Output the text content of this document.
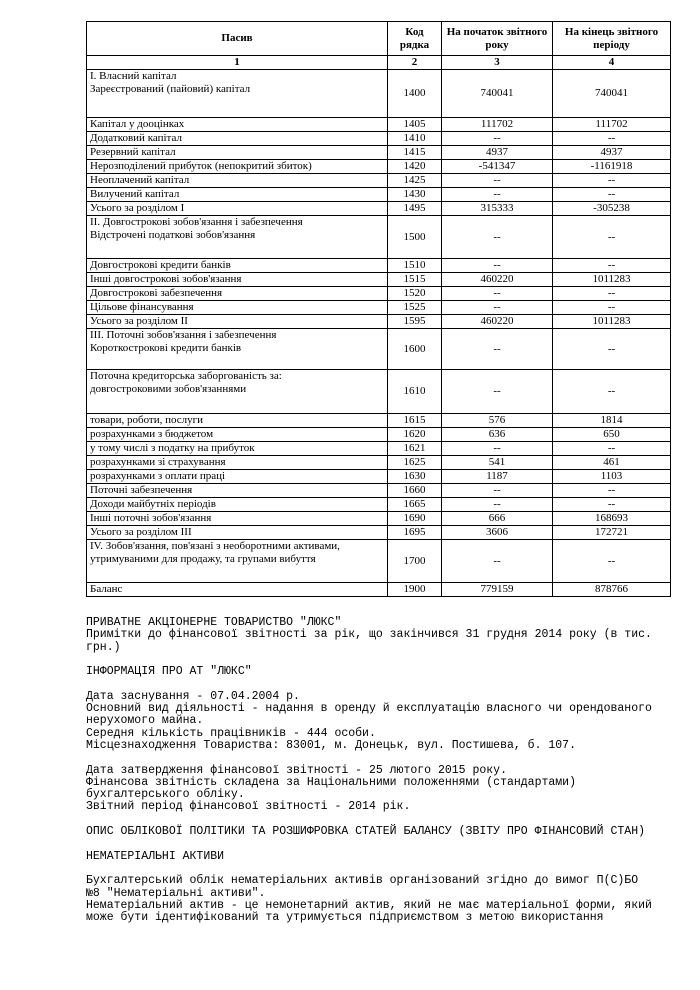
Пасив	Код рядка	На початок звітного року	На кінець звітного періоду
1	2	3	4

I. Власний капітал
Зареєстрований (пайовий) капітал	1400	740041	740041
Капітал у дооцінках	1405	111702	111702
Додатковий капітал	1410	--	--
Резервний капітал	1415	4937	4937
Нерозподілений прибуток (непокритий збиток)	1420	-541347	-1161918
Неоплачений капітал	1425	--	--
Вилучений капітал	1430	--	--
Усього за розділом I	1495	315333	-305238

II. Довгострокові зобов'язання і забезпечення
Відстрочені податкові зобов'язання	1500	--	--
Довгострокові кредити банків	1510	--	--
Інші довгострокові зобов'язання	1515	460220	1011283
Довгострокові забезпечення	1520	--	--
Цільове фінансування	1525	--	--
Усього за розділом II	1595	460220	1011283

III. Поточні зобов'язання і забезпечення
Короткострокові кредити банків	1600	--	--
Поточна кредиторська заборгованість за:
довгостроковими зобов'язаннями	1610	--	--
товари, роботи, послуги	1615	576	1814
розрахунками з бюджетом	1620	636	650
у тому числі з податку на прибуток	1621	--	--
розрахунками зі страхування	1625	541	461
розрахунками з оплати праці	1630	1187	1103
Поточні забезпечення	1660	--	--
Доходи майбутніх періодів	1665	--	--
Інші поточні зобов'язання	1690	666	168693
Усього за розділом III	1695	3606	172721
IV. Зобов'язання, пов'язані з необоротними активами,
утримуваними для продажу, та групами вибуття	1700	--	--
Баланс	1900	779159	878766

ПРИВАТНЕ АКЦІОНЕРНЕ ТОВАРИСТВО "ЛЮКС"

Примітки до фінансової звітності за рік, що закінчився 31 грудня 2014 року (в тис.

грн.)

ІНФОРМАЦІЯ ПРО АТ "ЛЮКС"

Дата заснування - 07.04.2004 р.

Основний вид діяльності - надання в оренду й експлуатацію власного чи орендованого

нерухомого майна.

Середня кількість працівників - 444 особи.

Місцезнаходження Товариства: 83001, м. Донецьк, вул. Постишева, б. 107.

Дата затвердження фінансової звітності - 25 лютого 2015 року.

Фінансова звітність складена за Національними положеннями (стандартами)

бухгалтерського обліку.

Звітний період фінансової звітності - 2014 рік.

ОПИС ОБЛІКОВОЇ ПОЛІТИКИ ТА РОЗШИФРОВКА СТАТЕЙ БАЛАНСУ (ЗВІТУ ПРО ФІНАНСОВИЙ СТАН)

НЕМАТЕРІАЛЬНІ АКТИВИ

Бухгалтерський облік нематеріальних активів організований згідно до вимог П(С)БО

№8 "Нематеріальні активи".

Нематеріальний актив - це немонетарний актив, який не має матеріальної форми, який

може бути ідентифікований та утримується підприємством з метою використання
